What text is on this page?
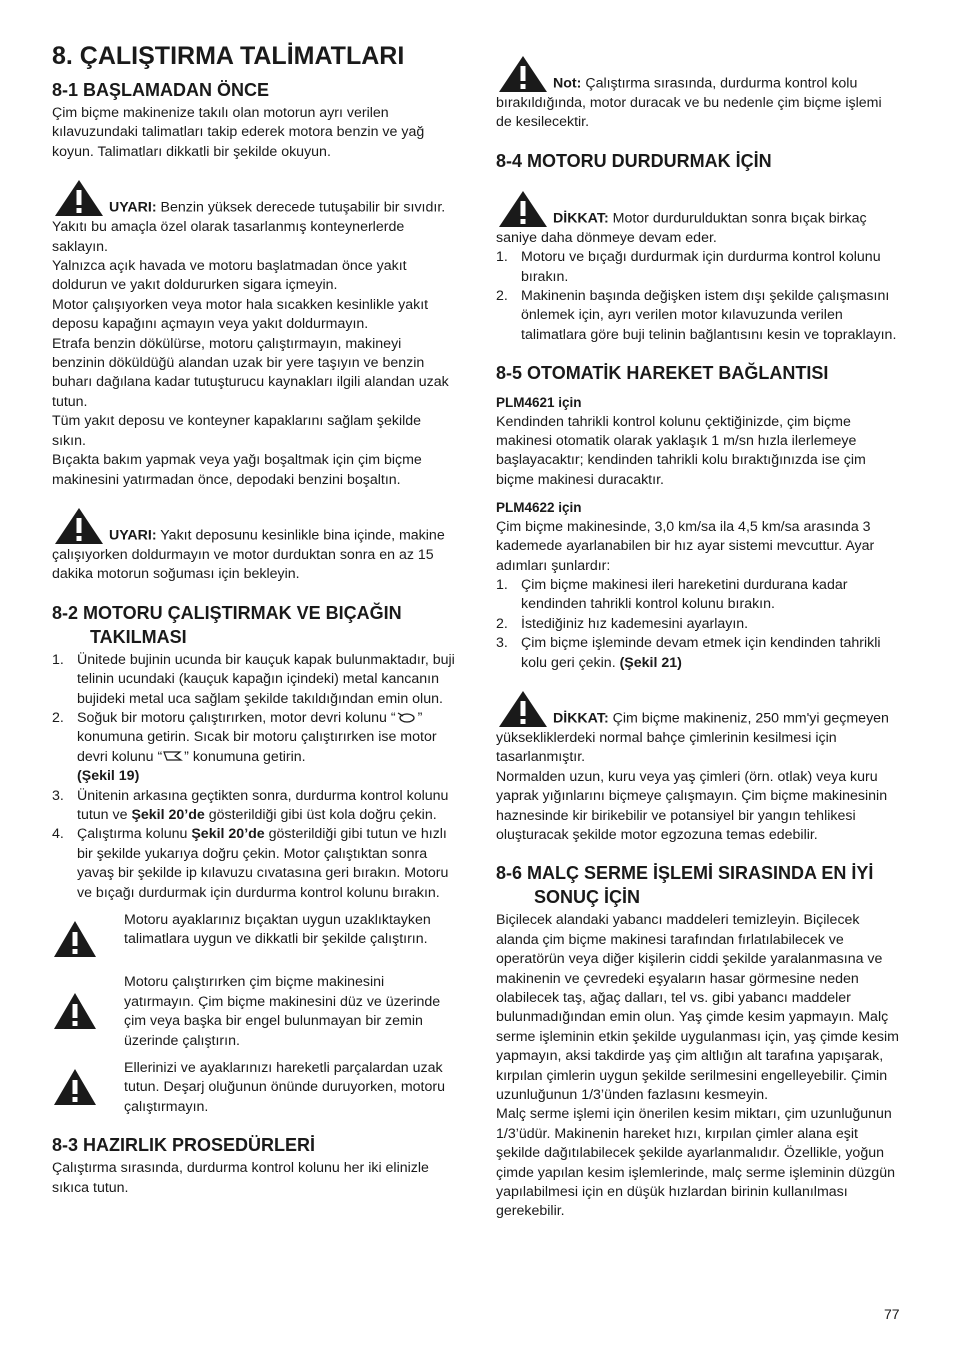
8. ÇALIŞTIRMA TALİMATLARI
8-1 BAŞLAMADAN ÖNCE

Çim biçme makinenize takılı olan motorun ayrı verilen kılavuzundaki talimatları takip ederek motora benzin ve yağ koyun. Talimatları dikkatli bir şekilde okuyun.

UYARI: Benzin yüksek derecede tutuşabilir bir sıvıdır.

Yakıtı bu amaçla özel olarak tasarlanmış konteynerlerde saklayın.

Yalnızca açık havada ve motoru başlatmadan önce yakıt doldurun ve yakıt doldururken sigara içmeyin.

Motor çalışıyorken veya motor hala sıcakken kesinlikle yakıt deposu kapağını açmayın veya yakıt doldurmayın.

Etrafa benzin dökülürse, motoru çalıştırmayın, makineyi benzinin döküldüğü alandan uzak bir yere taşıyın ve benzin buharı dağılana kadar tutuşturucu kaynakları ilgili alandan uzak tutun.

Tüm yakıt deposu ve konteyner kapaklarını sağlam şekilde sıkın.

Bıçakta bakım yapmak veya yağı boşaltmak için çim biçme makinesini yatırmadan önce, depodaki benzini boşaltın.

UYARI: Yakıt deposunu kesinlikle bina içinde, makine çalışıyorken doldurmayın ve motor durduktan sonra en az 15 dakika motorun soğuması için bekleyin.
8-2 MOTORU ÇALIŞTIRMAK VE BIÇAĞIN TAKILMASI
1. Ünitede bujinin ucunda bir kauçuk kapak bulunmaktadır, buji telinin ucundaki (kauçuk kapağın içindeki) metal kancanın bujideki metal uca sağlam şekilde takıldığından emin olun.
2. Soğuk bir motoru çalıştırırken, motor devri kolunu “ ” konumuna getirin. Sıcak bir motoru çalıştırırken ise motor devri kolunu “ ” konumuna getirin.
(Şekil 19)
3. Ünitenin arkasına geçtikten sonra, durdurma kontrol kolunu tutun ve Şekil 20’de gösterildiği gibi üst kola doğru çekin.
4. Çalıştırma kolunu Şekil 20’de gösterildiği gibi tutun ve hızlı bir şekilde yukarıya doğru çekin. Motor çalıştıktan sonra yavaş bir şekilde ip kılavuzu cıvatasına geri bırakın. Motoru ve bıçağı durdurmak için durdurma kontrol kolunu bırakın.
Motoru ayaklarınız bıçaktan uygun uzaklıktayken talimatlara uygun ve dikkatli bir şekilde çalıştırın.
Motoru çalıştırırken çim biçme makinesini yatırmayın. Çim biçme makinesini düz ve üzerinde çim veya başka bir engel bulunmayan bir zemin üzerinde çalıştırın.
Ellerinizi ve ayaklarınızı hareketli parçalardan uzak tutun. Deşarj oluğunun önünde duruyorken, motoru çalıştırmayın.
8-3 HAZIRLIK PROSEDÜRLERİ

Çalıştırma sırasında, durdurma kontrol kolunu her iki elinizle sıkıca tutun.

Not: Çalıştırma sırasında, durdurma kontrol kolu bırakıldığında, motor duracak ve bu nedenle çim biçme işlemi de kesilecektir.
8-4 MOTORU DURDURMAK İÇİN
DİKKAT: Motor durdurulduktan sonra bıçak birkaç saniye daha dönmeye devam eder.
1. Motoru ve bıçağı durdurmak için durdurma kontrol kolunu bırakın.
2. Makinenin başında değişken istem dışı şekilde çalışmasını önlemek için, ayrı verilen motor kılavuzunda verilen talimatlara göre buji telinin bağlantısını kesin ve topraklayın.
8-5 OTOMATİK HAREKET BAĞLANTISI

PLM4621 için

Kendinden tahrikli kontrol kolunu çektiğinizde, çim biçme makinesi otomatik olarak yaklaşık 1 m/sn hızla ilerlemeye başlayacaktır; kendinden tahrikli kolu bıraktığınızda ise çim biçme makinesi duracaktır.

PLM4622 için

Çim biçme makinesinde, 3,0 km/sa ila 4,5 km/sa arasında 3 kademede ayarlanabilen bir hız ayar sistemi mevcuttur. Ayar adımları şunlardır:

1. Çim biçme makinesi ileri hareketini durdurana kadar kendinden tahrikli kontrol kolunu bırakın.
2. İstediğiniz hız kademesini ayarlayın.
3. Çim biçme işleminde devam etmek için kendinden tahrikli kolu geri çekin. (Şekil 21)
DİKKAT: Çim biçme makineniz, 250 mm'yi geçmeyen yüksekliklerdeki normal bahçe çimlerinin kesilmesi için tasarlanmıştır.

Normalden uzun, kuru veya yaş çimleri (örn. otlak) veya kuru yaprak yığınlarını biçmeye çalışmayın. Çim biçme makinesinin haznesinde kir birikebilir ve potansiyel bir yangın tehlikesi oluşturacak şekilde motor egzozuna temas edebilir.

8-6 MALÇ SERME İŞLEMİ SIRASINDA EN İYİ SONUÇ İÇİN

Biçilecek alandaki yabancı maddeleri temizleyin. Biçilecek alanda çim biçme makinesi tarafından fırlatılabilecek ve operatörün veya diğer kişilerin ciddi şekilde yaralanmasına ve makinenin ve çevredeki eşyaların hasar görmesine neden olabilecek taş, ağaç dalları, tel vs. gibi yabancı maddeler bulunmadığından emin olun. Yaş çimde kesim yapmayın. Malç serme işleminin etkin şekilde uygulanması için, yaş çimde kesim yapmayın, aksi takdirde yaş çim altlığın alt tarafına yapışarak, kırpılan çimlerin uygun şekilde serilmesini engelleyebilir. Çimin uzunluğunun 1/3’ünden fazlasını kesmeyin.

Malç serme işlemi için önerilen kesim miktarı, çim uzunluğunun 1/3’üdür. Makinenin hareket hızı, kırpılan çimler alana eşit şekilde dağıtılabilecek şekilde ayarlanmalıdır. Özellikle, yoğun çimde yapılan kesim işlemlerinde, malç serme işleminin düzgün yapılabilmesi için en düşük hızlardan birinin kullanılması gerekebilir.

77
